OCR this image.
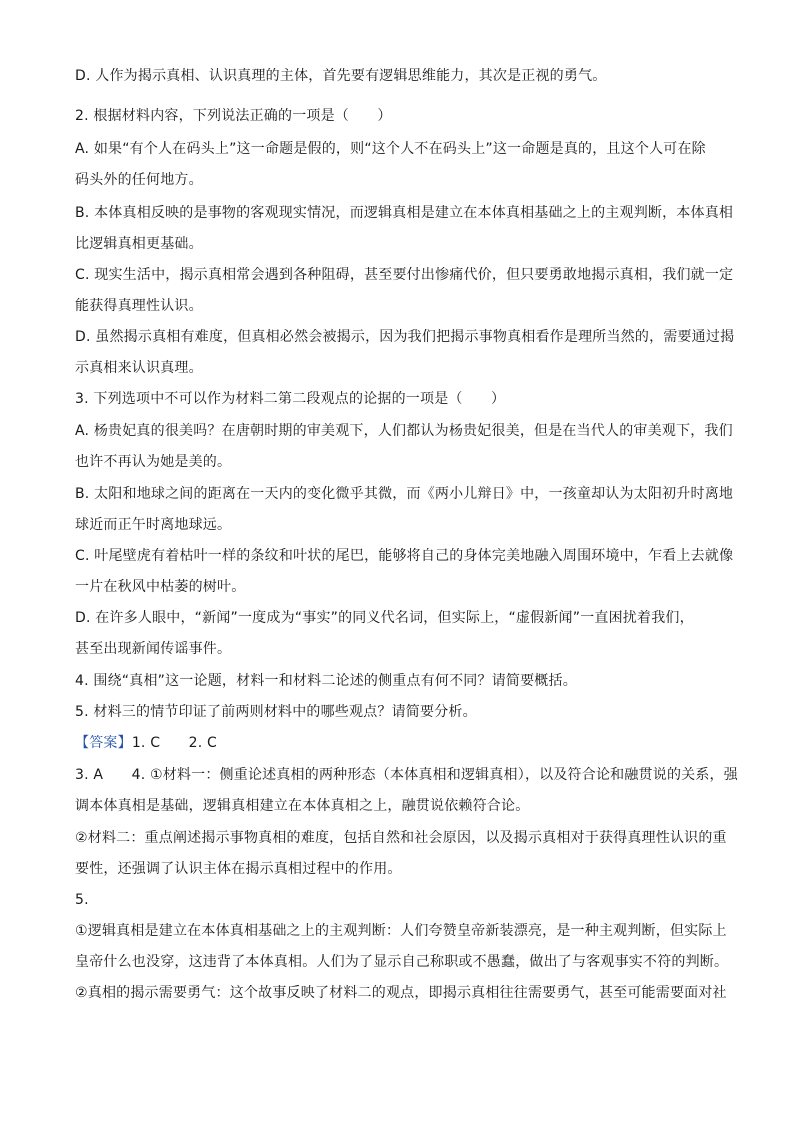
D. 人作为揭示真相、认识真理的主体，首先要有逻辑思维能力，其次是正视的勇气。
2. 根据材料内容，下列说法正确的一项是（　　）
A. 如果“有个人在码头上”这一命题是假的，则“这个人不在码头上”这一命题是真的，且这个人可在除
码头外的任何地方。
B. 本体真相反映的是事物的客观现实情况，而逻辑真相是建立在本体真相基础之上的主观判断，本体真相
比逻辑真相更基础。
C. 现实生活中，揭示真相常会遇到各种阻碍，甚至要付出惨痛代价，但只要勇敢地揭示真相，我们就一定
能获得真理性认识。
D. 虽然揭示真相有难度，但真相必然会被揭示，因为我们把揭示事物真相看作是理所当然的，需要通过揭
示真相来认识真理。
3. 下列选项中不可以作为材料二第二段观点的论据的一项是（　　）
A. 杨贵妃真的很美吗？在唐朝时期的审美观下，人们都认为杨贵妃很美，但是在当代人的审美观下，我们
也许不再认为她是美的。
B. 太阳和地球之间的距离在一天内的变化微乎其微，而《两小儿辩日》中，一孩童却认为太阳初升时离地
球近而正午时离地球远。
C. 叶尾壁虎有着枯叶一样的条纹和叶状的尾巴，能够将自己的身体完美地融入周围环境中，乍看上去就像
一片在秋风中枯萎的树叶。
D. 在许多人眼中，“新闻”一度成为“事实”的同义代名词，但实际上，“虚假新闻”一直困扰着我们，
甚至出现新闻传谣事件。
4. 围绕“真相”这一论题，材料一和材料二论述的侧重点有何不同？请简要概括。
5. 材料三的情节印证了前两则材料中的哪些观点？请简要分析。
【答案】1. C　　2. C
3. A　　4. ①材料一：侧重论述真相的两种形态（本体真相和逻辑真相），以及符合论和融贯说的关系，强
调本体真相是基础，逻辑真相建立在本体真相之上，融贯说依赖符合论。
②材料二：重点阐述揭示事物真相的难度，包括自然和社会原因，以及揭示真相对于获得真理性认识的重
要性，还强调了认识主体在揭示真相过程中的作用。
5.
①逻辑真相是建立在本体真相基础之上的主观判断：人们夸赞皇帝新装漂亮，是一种主观判断，但实际上
皇帝什么也没穿，这违背了本体真相。人们为了显示自己称职或不愚蠢，做出了与客观事实不符的判断。
②真相的揭示需要勇气：这个故事反映了材料二的观点，即揭示真相往往需要勇气，甚至可能需要面对社
